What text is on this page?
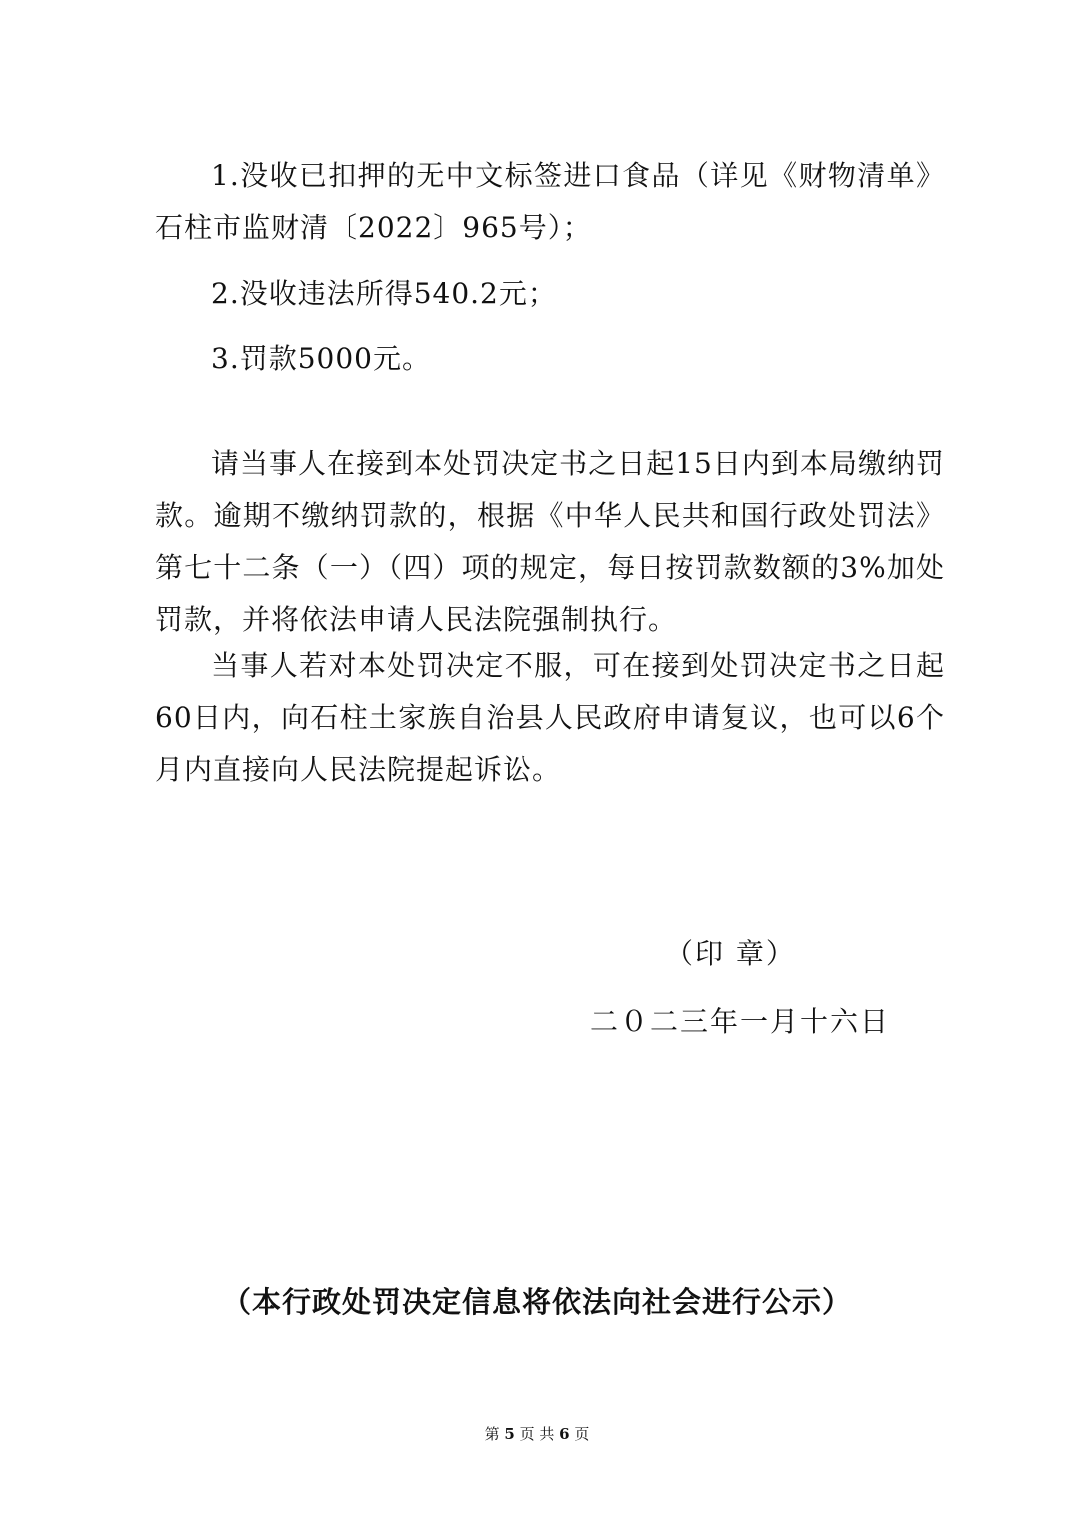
1.没收已扣押的无中文标签进口食品（详见《财物清单》石柱市监财清〔2022〕965号）；

2.没收违法所得540.2元；

3.罚款5000元。

请当事人在接到本处罚决定书之日起15日内到本局缴纳罚款。逾期不缴纳罚款的，根据《中华人民共和国行政处罚法》第七十二条（一）（四）项的规定，每日按罚款数额的3%加处罚款，并将依法申请人民法院强制执行。

当事人若对本处罚决定不服，可在接到处罚决定书之日起60日内，向石柱土家族自治县人民政府申请复议，也可以6个月内直接向人民法院提起诉讼。

（印 章）

二０二三年一月十六日

（本行政处罚决定信息将依法向社会进行公示）

第 5 页 共 6 页
